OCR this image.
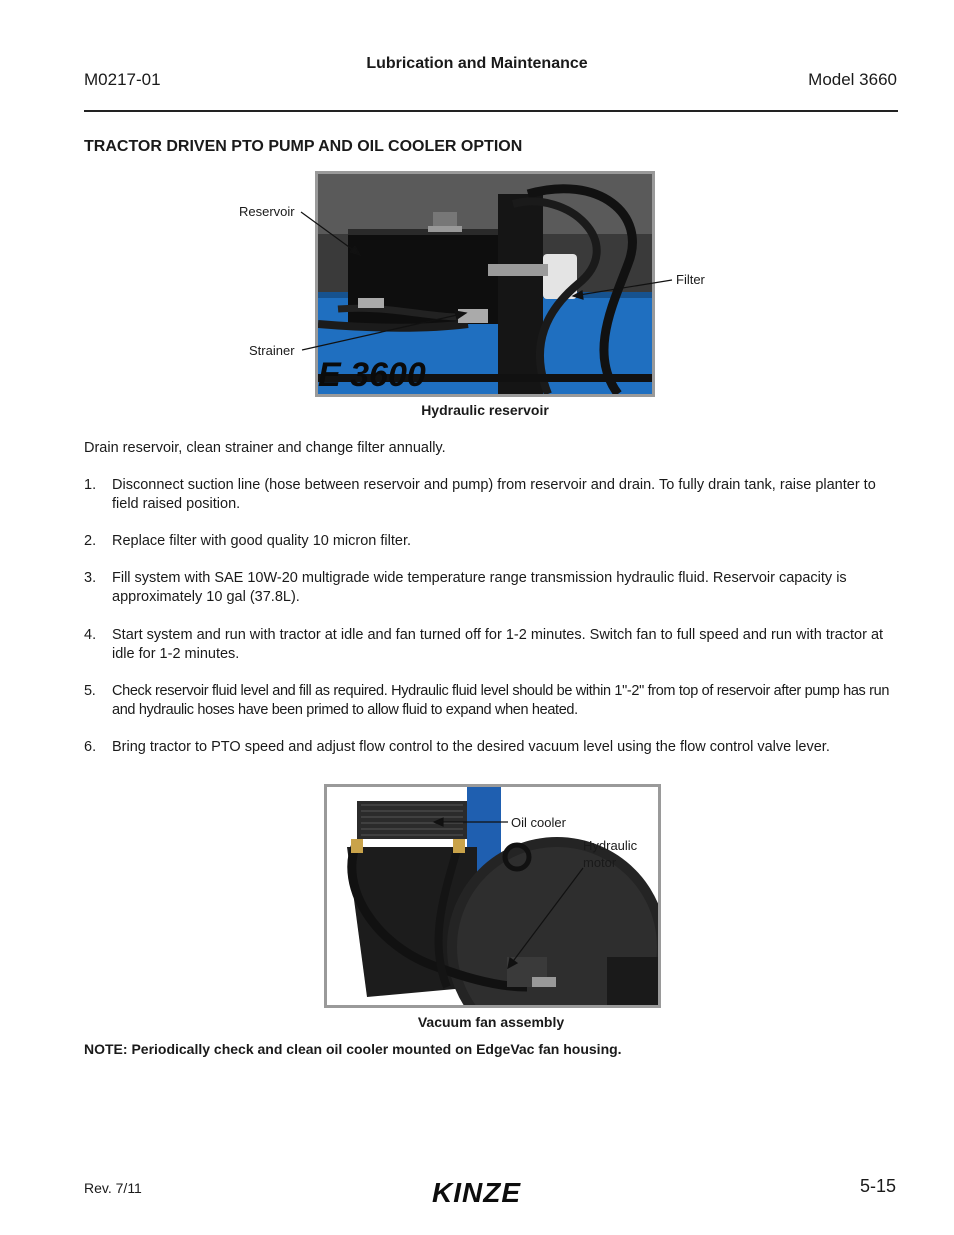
M0217-01
Lubrication and Maintenance
Model 3660
TRACTOR DRIVEN PTO PUMP AND OIL COOLER OPTION
E 3600
Reservoir
Filter
Strainer
Hydraulic reservoir
Drain reservoir, clean strainer and change filter annually.
1.	Disconnect suction line (hose between reservoir and pump) from reservoir and drain. To fully drain tank, raise planter to field raised position.
2.	Replace filter with good quality 10 micron filter.
3.	Fill system with SAE 10W-20 multigrade wide temperature range transmission hydraulic fluid. Reservoir capacity is approximately 10 gal (37.8L).
4.	Start system and run with tractor at idle and fan turned off for 1-2 minutes. Switch fan to full speed and run with tractor at idle for 1-2 minutes.
5.	Check reservoir fluid level and fill as required. Hydraulic fluid level should be within 1"-2" from top of reservoir after pump has run and hydraulic hoses have been primed to allow fluid to expand when heated.
6.	Bring tractor to PTO speed and adjust flow control to the desired vacuum level using the flow control valve lever.
Oil cooler
Hydraulic
motor
Vacuum fan assembly
NOTE: Periodically check and clean oil cooler mounted on EdgeVac fan housing.
Rev. 7/11	KINZE	5-15
